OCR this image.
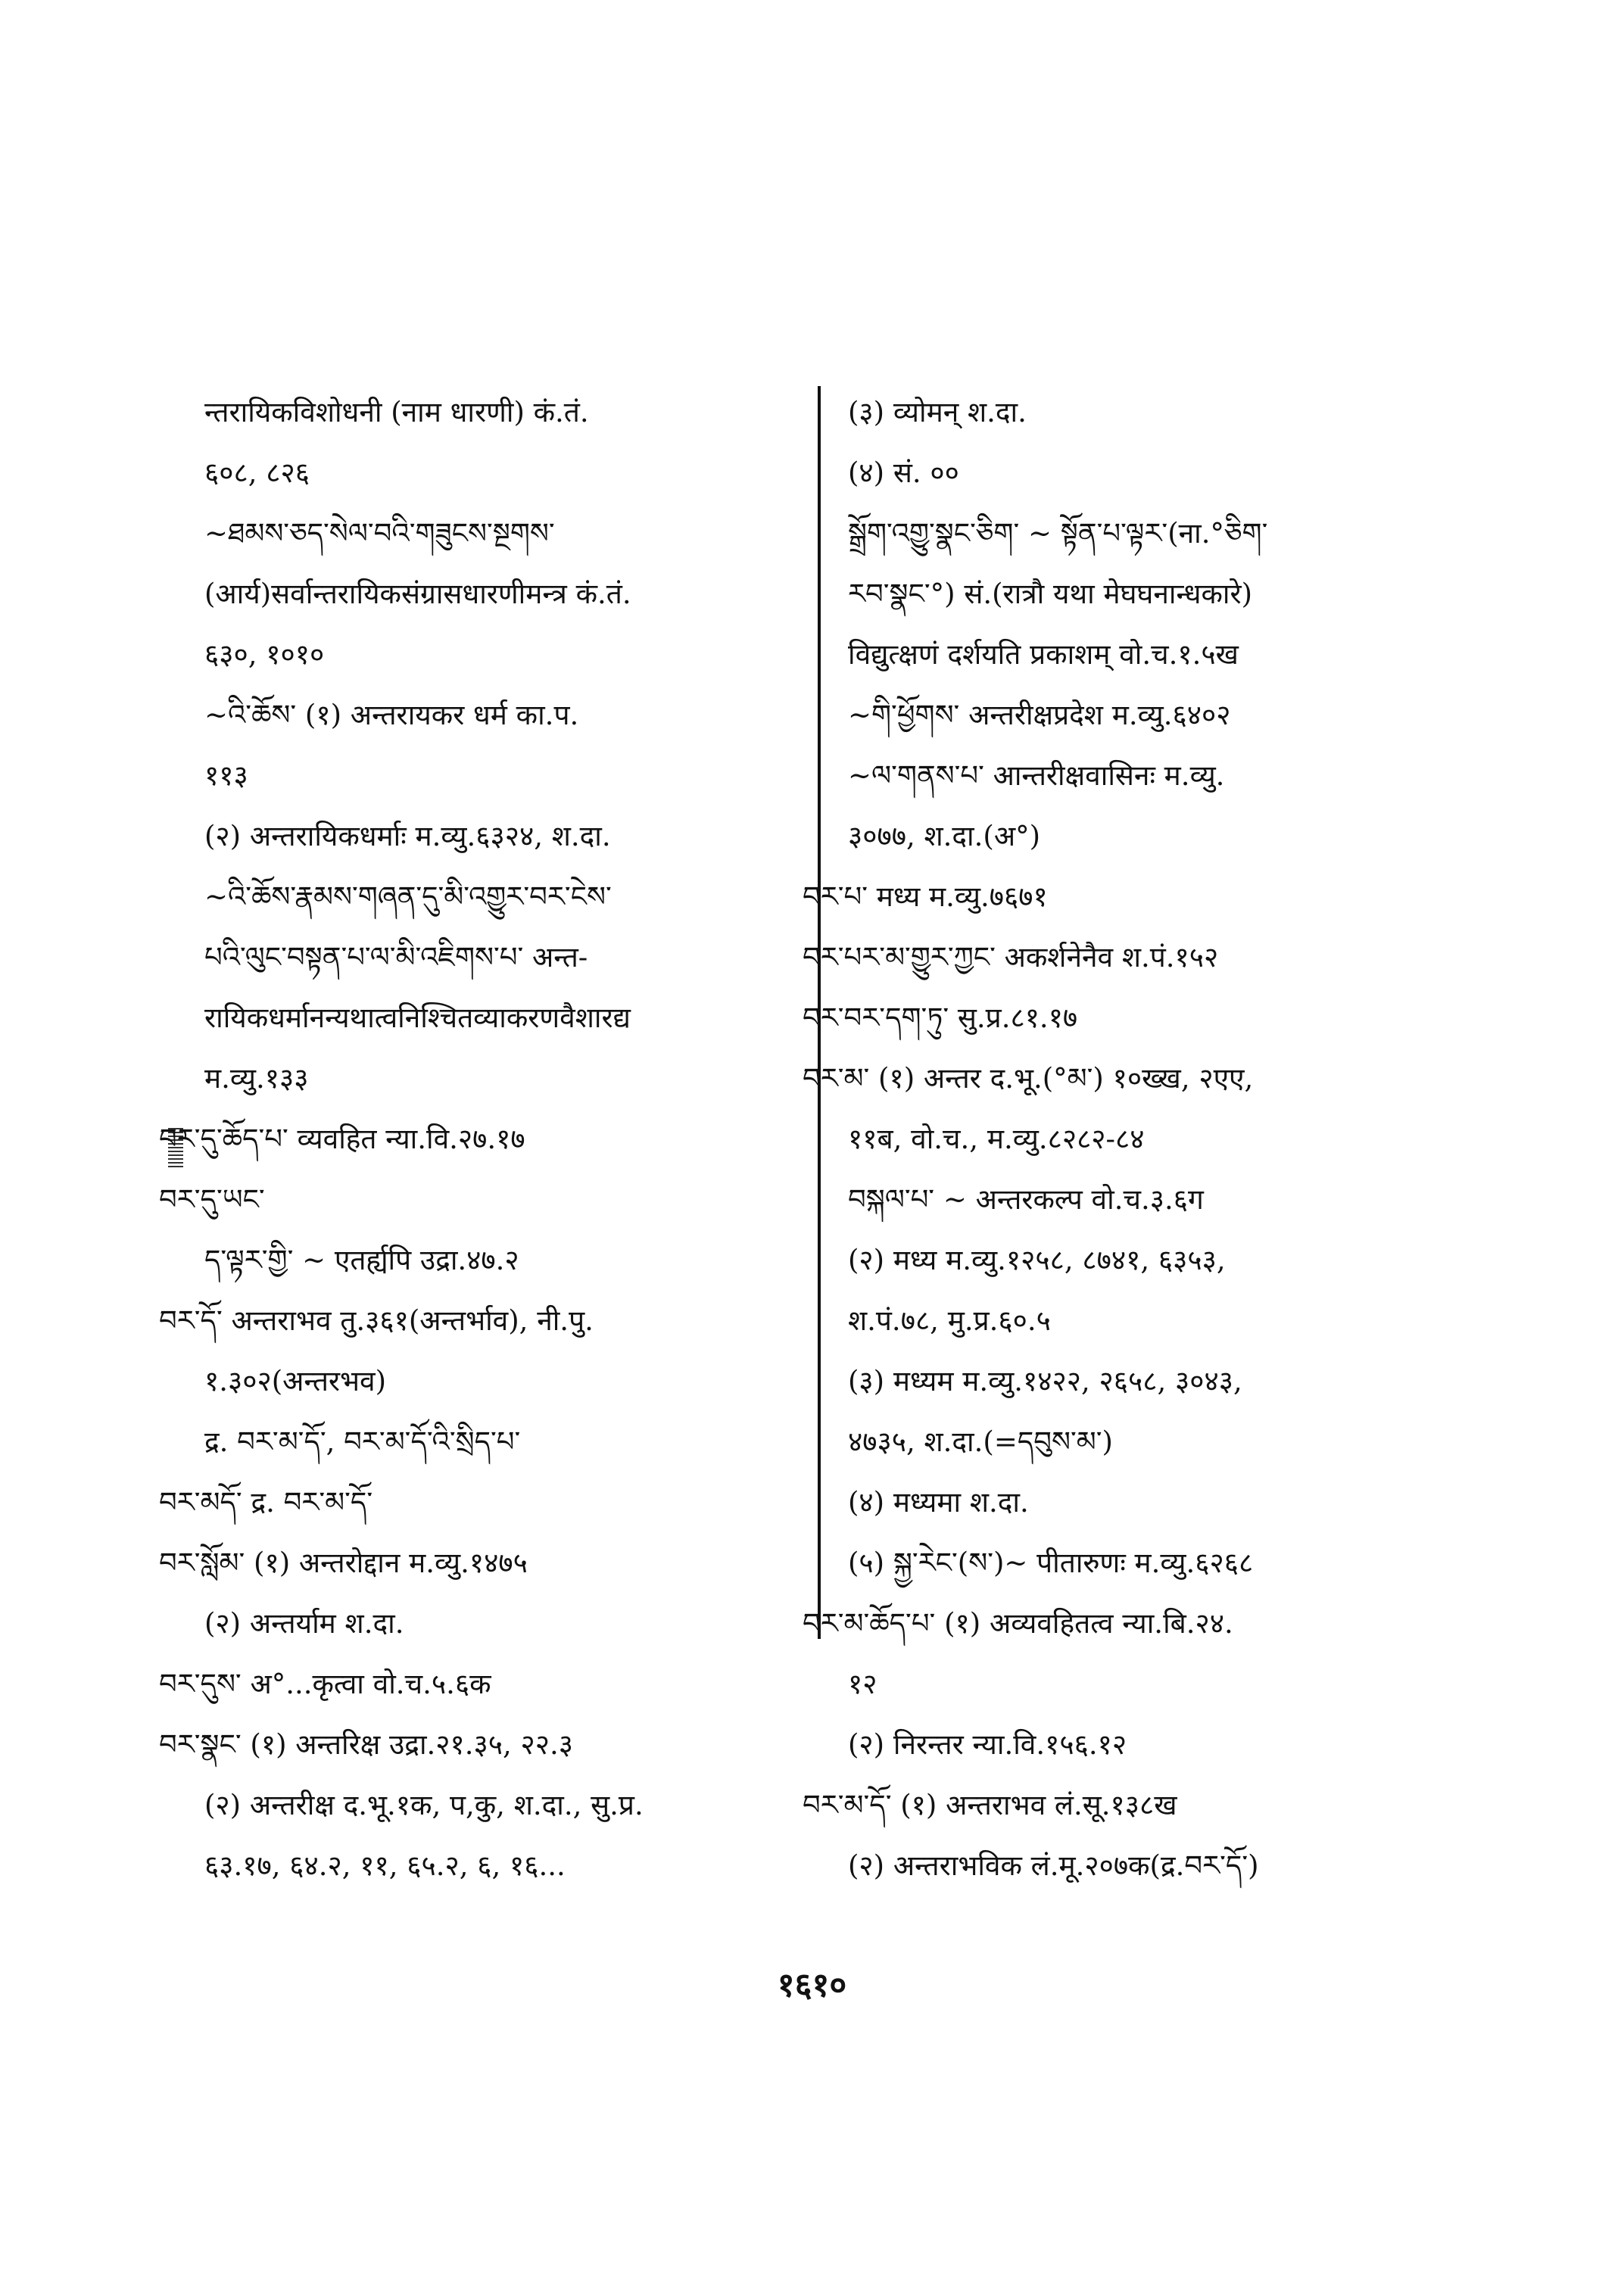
न्तरायिकविशोधनी (नाम धारणी) कं.तं.
६०८, ८२६
~ཐམས་ཅད་སེལ་བའི་གཟུངས་སྔགས་
(आर्य)सर्वान्तरायिकसंग्रासधारणीमन्त्र कं.तं.
६३०, १०१०
~འི་ཆོས་ (१) अन्तरायकर धर्म का.प.
११३
(२) अन्तरायिकधर्माः म.व्यु.६३२४, श.दा.
~འི་ཆོས་རྣམས་གཞན་དུ་མི་འགྱུར་བར་ངེས་
པའི་ལུང་བསྟན་པ་ལ་མི་འཇིགས་པ་ अन्त-
रायिकधर्मानन्यथात्वनिश्चितव्याकरणवैशारद्य
म.व्यु.१३३
བར་དུ་ཆོད་པ་ व्यवहित न्या.वि.२७.१७
བར་དུ་ཡང་
ད་ལྟར་གྱི་ ~ एतर्ह्यपि उद्रा.४७.२
བར་དོ་ अन्तराभव तु.३६१(अन्तर्भाव), नी.पु.
१.३०२(अन्तरभव)
द्र. བར་མ་དོ་, བར་མ་དོ་འི་སྲིད་པ་
བར་མདོ་ द्र. བར་མ་དོ་
བར་སློམ་ (१) अन्तरोद्दान म.व्यु.१४७५
(२) अन्तर्याम श.दा.
བར་དུས་ अ°...कृत्वा वो.च.५.६क
བར་སྣང་ (१) अन्तरिक्ष उद्रा.२१.३५, २२.३
(२) अन्तरीक्ष द.भू.१क, प,कु, श.दा., सु.प्र.
६३.१७, ६४.२, ११, ६५.२, ६, १६...
(३) व्योमन् श.दा.
(४) सं. ००
སྒྲོག་འགྱུ་སྣང་ཅིག་ ~ སྟོན་པ་ལྟར་(ना.°ཅིག་
རབ་སྣང་°) सं.(रात्रौ यथा मेघघनान्धकारे)
विद्युत्क्षणं दर्शयति प्रकाशम् वो.च.१.५ख
~གི་ཕྱོགས་ अन्तरीक्षप्रदेश म.व्यु.६४०२
~ལ་གནས་པ་ आन्तरीक्षवासिनः म.व्यु.
३०७७, श.दा.(अ°)
བར་པ་ मध्य म.व्यु.७६७१
བར་པར་མ་གྱུར་ཀྱང་ अकर्शनेनैव श.पं.१५२
བར་བར་དག་ཏུ་ सु.प्र.८१.१७
བར་མ་ (१) अन्तर द.भू.(°མ་) १०ख्ख, २एए,
११ब, वो.च., म.व्यु.८२८२-८४
བསྐལ་པ་ ~ अन्तरकल्प वो.च.३.६ग
(२) मध्य म.व्यु.१२५८, ८७४१, ६३५३,
श.पं.७८, मु.प्र.६०.५
(३) मध्यम म.व्यु.१४२२, २६५८, ३०४३,
४७३५, श.दा.(=དབུས་མ་)
(४) मध्यमा श.दा.
(५) སྐྱ་རེང་(ས་)~ पीतारुणः म.व्यु.६२६८
བར་མ་ཆོད་པ་ (१) अव्यवहितत्व न्या.बि.२४.
१२
(२) निरन्तर न्या.वि.१५६.१२
བར་མ་དོ་ (१) अन्तराभव लं.सू.१३८ख
(२) अन्तराभविक लं.मू.२०७क(द्र.བར་དོ་)
१६१०
